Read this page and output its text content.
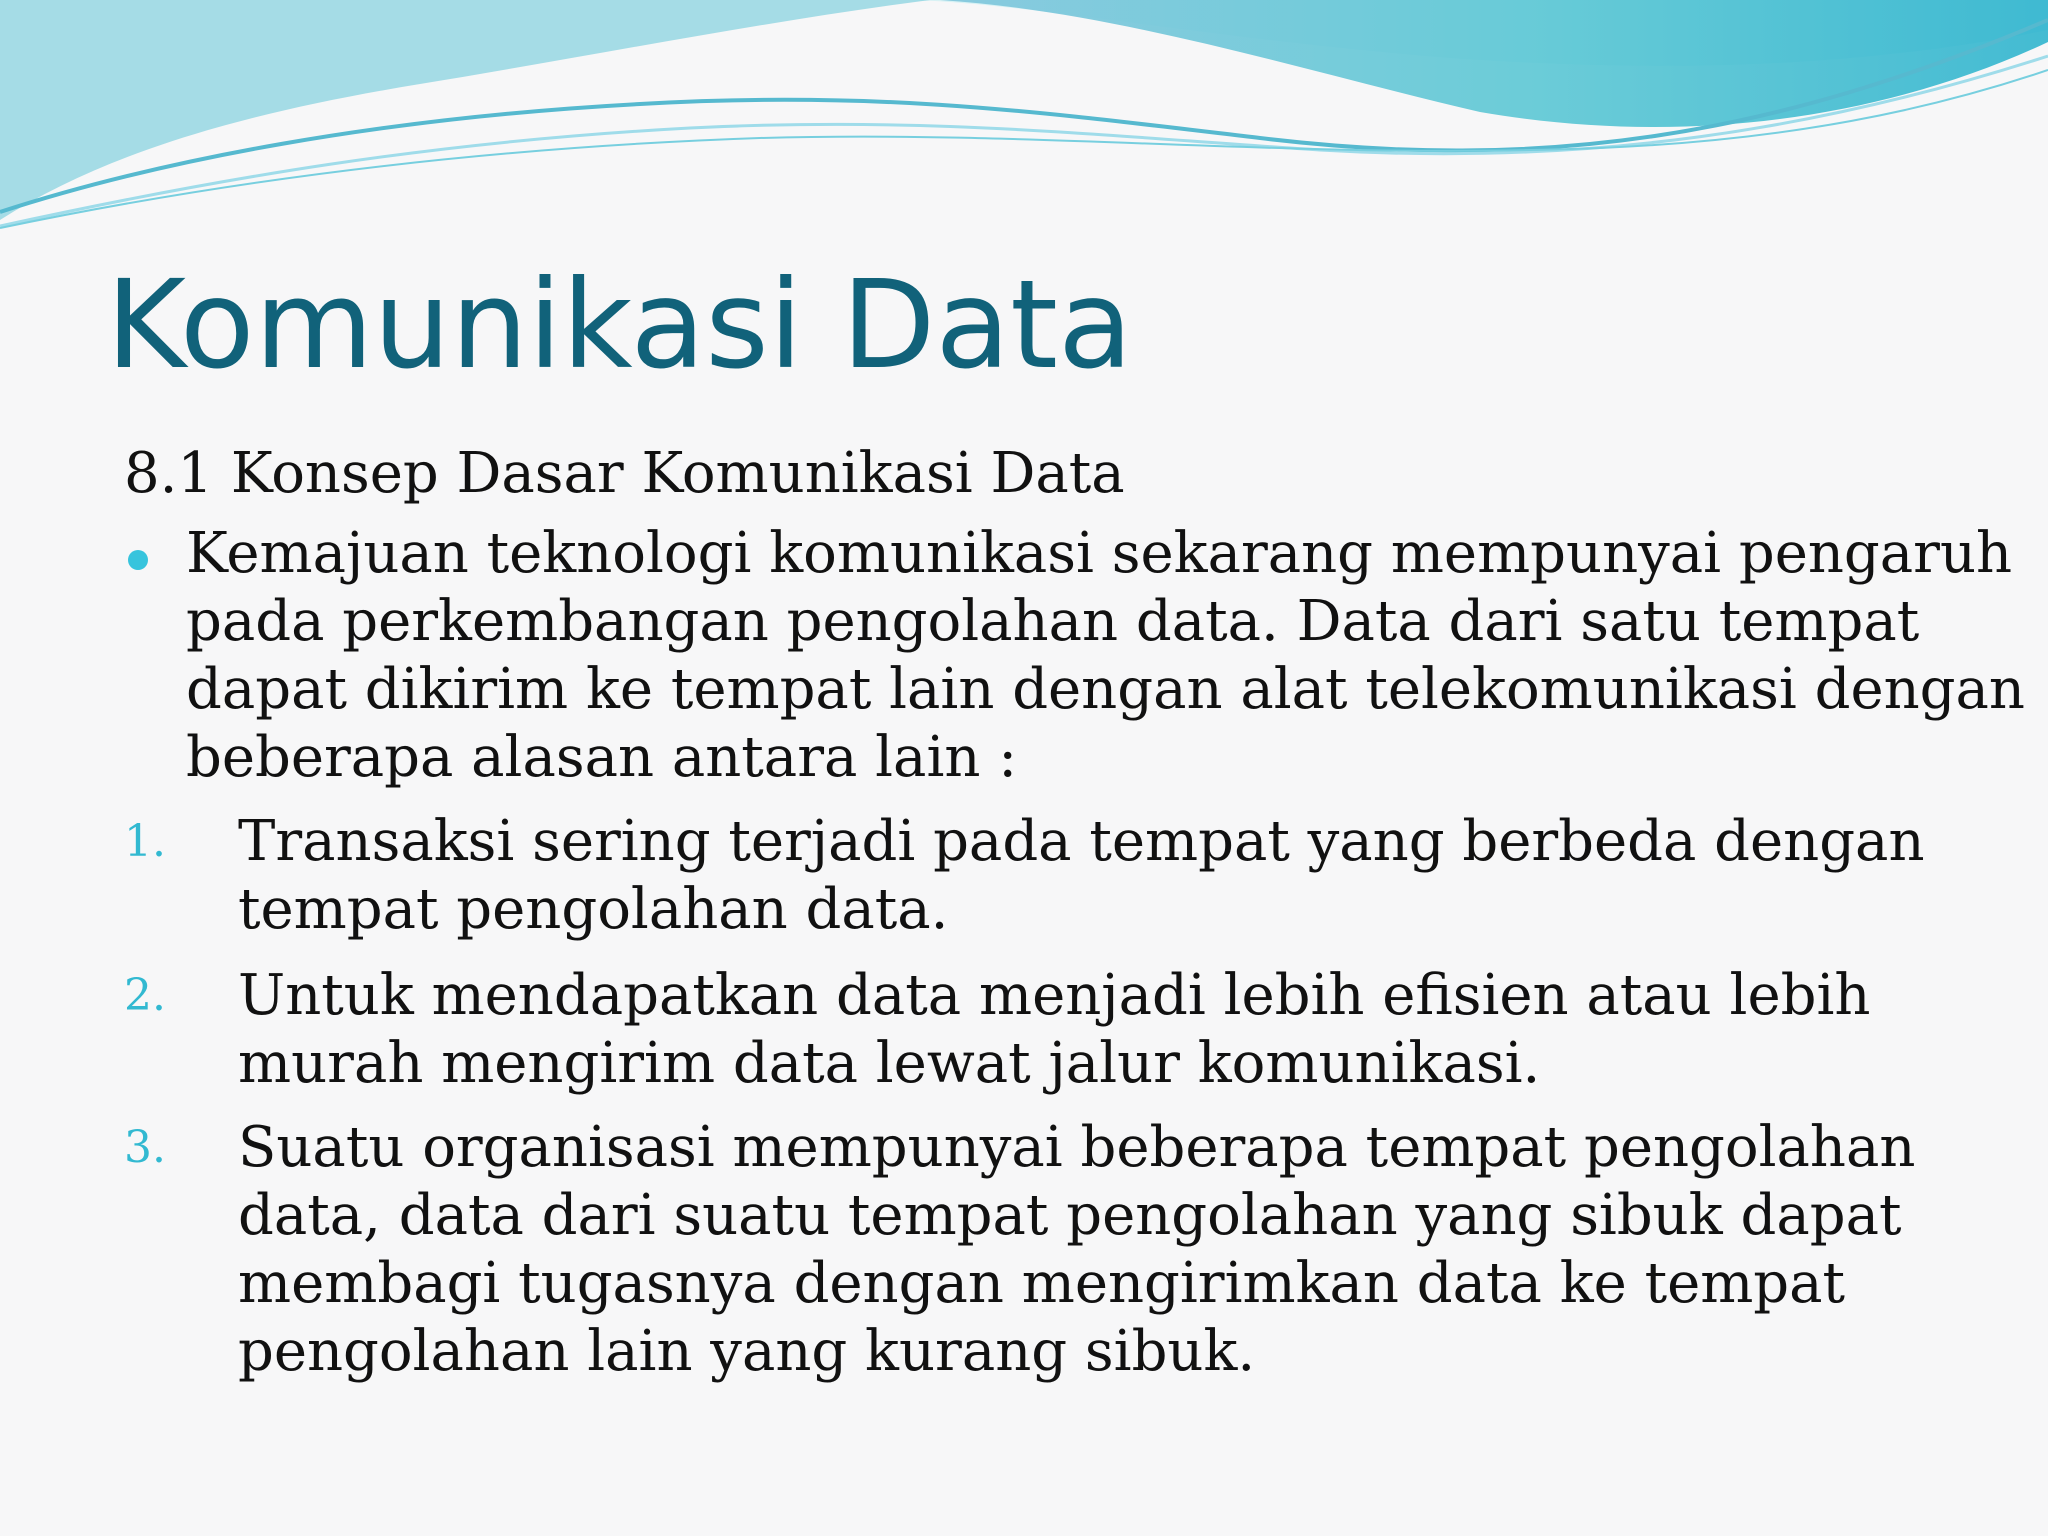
Komunikasi Data
8.1 Konsep Dasar Komunikasi Data
Kemajuan teknologi komunikasi sekarang mempunyai pengaruh
pada perkembangan pengolahan data. Data dari satu tempat
dapat dikirim ke tempat lain dengan alat telekomunikasi dengan
beberapa alasan antara lain :
1. Transaksi sering terjadi pada tempat yang berbeda dengan
tempat pengolahan data.
2. Untuk mendapatkan data menjadi lebih efisien atau lebih
murah mengirim data lewat jalur komunikasi.
3. Suatu organisasi mempunyai beberapa tempat pengolahan
data, data dari suatu tempat pengolahan yang sibuk dapat
membagi tugasnya dengan mengirimkan data ke tempat
pengolahan lain yang kurang sibuk.
